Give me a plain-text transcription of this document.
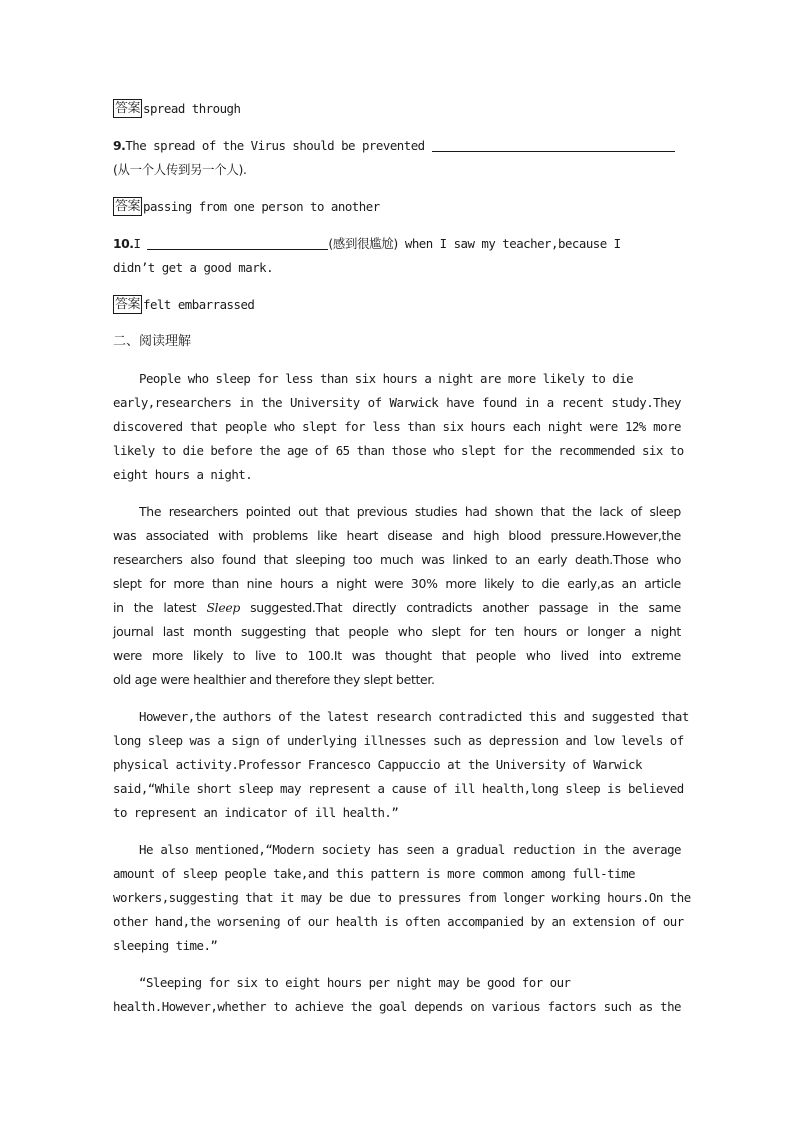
答案 spread through
9.The spread of the Virus should be prevented
(从一个人传到另一个人).
答案 passing from one person to another
10.I	(感到很尴尬) when I saw my teacher,because I
didn’t get a good mark.
答案 felt embarrassed
二、阅读理解
People who sleep for less than six hours a night are more likely to die
early,researchers in the University of Warwick have found in a recent study.They
discovered that people who slept for less than six hours each night were 12% more
likely to die before the age of 65 than those who slept for the recommended six to
eight hours a night.
The researchers pointed out that previous studies had shown that the lack of sleep
was associated with problems like heart disease and high blood pressure.However,the
researchers also found that sleeping too much was linked to an early death.Those who
slept for more than nine hours a night were 30% more likely to die early,as an article
in the latest Sleep suggested.That directly contradicts another passage in the same
journal last month suggesting that people who slept for ten hours or longer a night
were more likely to live to 100.It was thought that people who lived into extreme
old age were healthier and therefore they slept better.
However,the authors of the latest research contradicted this and suggested that
long sleep was a sign of underlying illnesses such as depression and low levels of
physical activity.Professor Francesco Cappuccio at the University of Warwick
said,“While short sleep may represent a cause of ill health,long sleep is believed
to represent an indicator of ill health.”
He also mentioned,“Modern society has seen a gradual reduction in the average
amount of sleep people take,and this pattern is more common among full-time
workers,suggesting that it may be due to pressures from longer working hours.On the
other hand,the worsening of our health is often accompanied by an extension of our
sleeping time.”
“Sleeping for six to eight hours per night may be good for our
health.However,whether to achieve the goal depends on various factors such as the
